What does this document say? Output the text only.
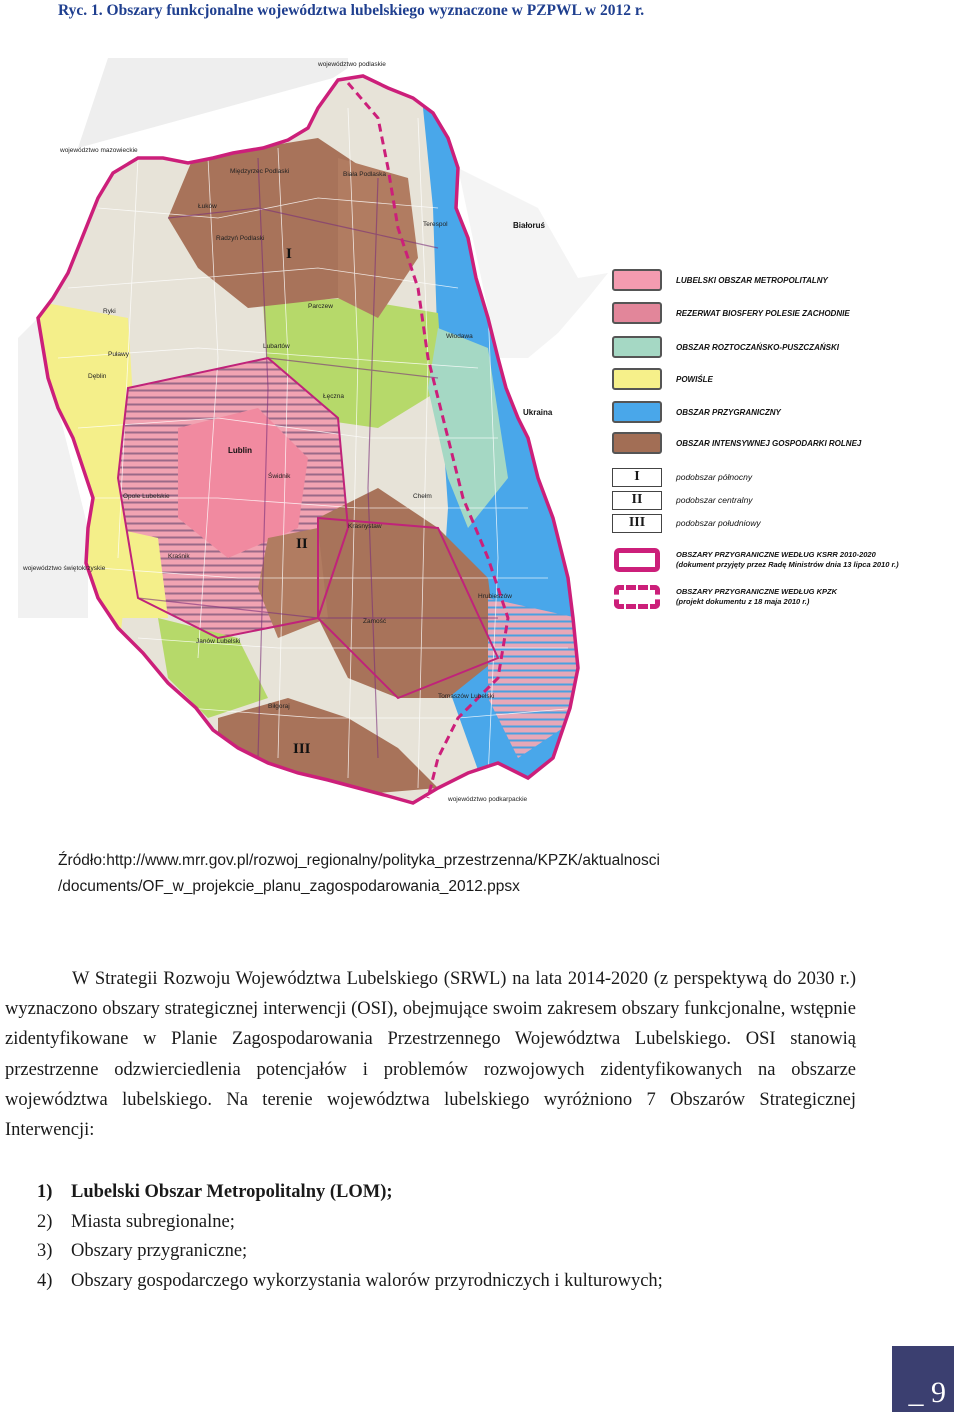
Ryc. 1. Obszary funkcjonalne województwa lubelskiego wyznaczone w PZPWL w 2012 r.
I
II
III
województwo podlaskie
województwo mazowieckie
województwo świętokrzyskie
województwo podkarpackie
Białoruś
Ukraina
Biała Podlaska
Łuków
Radzyń Podlaski
Międzyrzec Podlaski
Lubartów
Puławy
Ryki
Parczew
Włodawa
Lublin
Świdnik
Łęczna
Chełm
Krasnystaw
Kraśnik
Opole Lubelskie
Janów Lubelski
Biłgoraj
Zamość
Hrubieszów
Tomaszów Lubelski
Terespol
Dęblin
LUBELSKI OBSZAR METROPOLITALNY
REZERWAT BIOSFERY POLESIE ZACHODNIE
OBSZAR ROZTOCZAŃSKO-PUSZCZAŃSKI
POWIŚLE
OBSZAR PRZYGRANICZNY
OBSZAR INTENSYWNEJ GOSPODARKI ROLNEJ
I	podobszar północny
II	podobszar centralny
III	podobszar południowy
OBSZARY PRZYGRANICZNE WEDŁUG KSRR 2010-2020
(dokument przyjęty przez Radę Ministrów dnia 13 lipca 2010 r.)
OBSZARY PRZYGRANICZNE WEDŁUG KPZK
(projekt dokumentu z 18 maja 2010 r.)
Źródło:http://www.mrr.gov.pl/rozwoj_regionalny/polityka_przestrzenna/KPZK/aktualnosci
/documents/OF_w_projekcie_planu_zagospodarowania_2012.ppsx
W Strategii Rozwoju Województwa Lubelskiego (SRWL) na lata 2014-2020 (z perspektywą do 2030 r.) wyznaczono obszary strategicznej interwencji (OSI), obejmujące swoim zakresem obszary funkcjonalne, wstępnie zidentyfikowane w Planie Zagospodarowania Przestrzennego Województwa Lubelskiego. OSI stanowią przestrzenne odzwierciedlenia potencjałów i problemów rozwojowych zidentyfikowanych na obszarze województwa lubelskiego. Na terenie województwa lubelskiego wyróżniono 7 Obszarów Strategicznej Interwencji:
1) Lubelski Obszar Metropolitalny (LOM);
2) Miasta subregionalne;
3) Obszary przygraniczne;
4) Obszary gospodarczego wykorzystania walorów przyrodniczych i kulturowych;
_ 9
